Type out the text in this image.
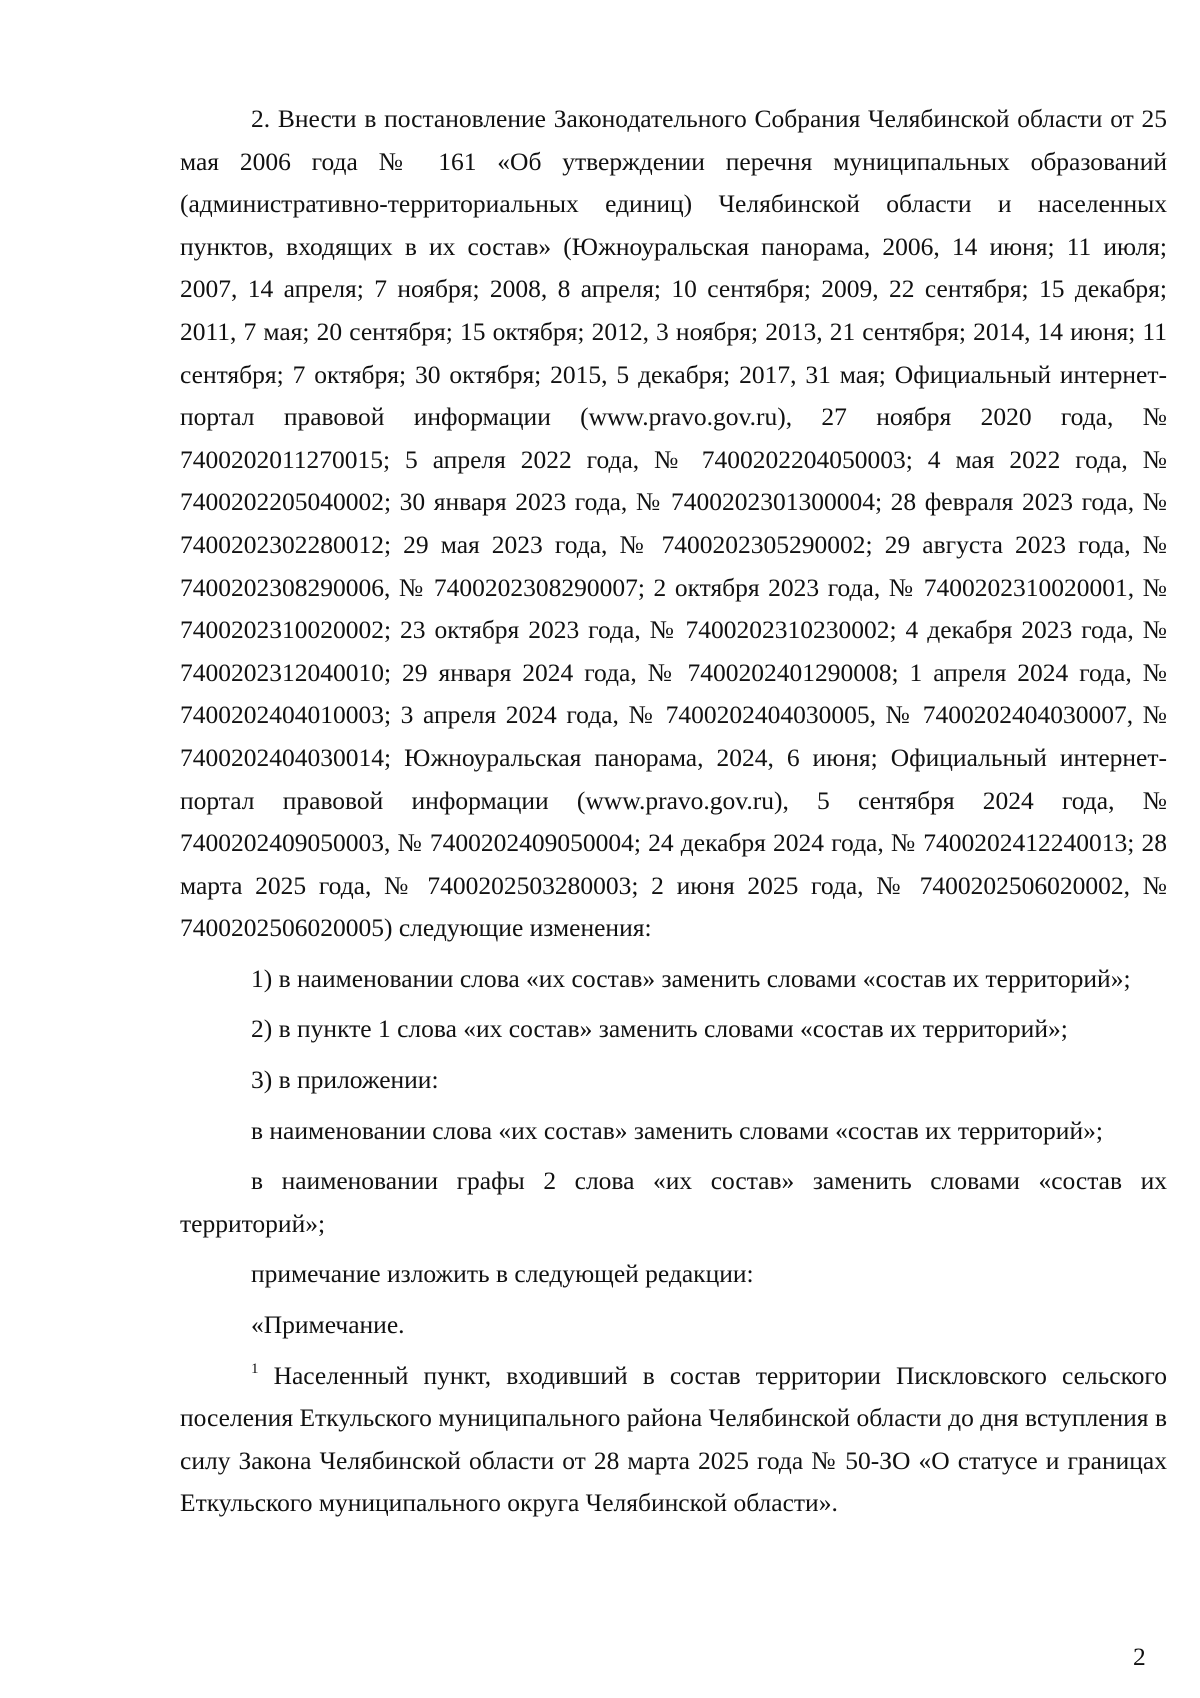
2. Внести в постановление Законодательного Собрания Челябинской области от 25 мая 2006 года № 161 «Об утверждении перечня муниципальных образований (административно-территориальных единиц) Челябинской области и населенных пунктов, входящих в их состав» (Южноуральская панорама, 2006, 14 июня; 11 июля; 2007, 14 апреля; 7 ноября; 2008, 8 апреля; 10 сентября; 2009, 22 сентября; 15 декабря; 2011, 7 мая; 20 сентября; 15 октября; 2012, 3 ноября; 2013, 21 сентября; 2014, 14 июня; 11 сентября; 7 октября; 30 октября; 2015, 5 декабря; 2017, 31 мая; Официальный интернет-портал правовой информации (www.pravo.gov.ru), 27 ноября 2020 года, № 7400202011270015; 5 апреля 2022 года, № 7400202204050003; 4 мая 2022 года, № 7400202205040002; 30 января 2023 года, № 7400202301300004; 28 февраля 2023 года, № 7400202302280012; 29 мая 2023 года, № 7400202305290002; 29 августа 2023 года, № 7400202308290006, № 7400202308290007; 2 октября 2023 года, № 7400202310020001, № 7400202310020002; 23 октября 2023 года, № 7400202310230002; 4 декабря 2023 года, № 7400202312040010; 29 января 2024 года, № 7400202401290008; 1 апреля 2024 года, № 7400202404010003; 3 апреля 2024 года, № 7400202404030005, № 7400202404030007, № 7400202404030014; Южноуральская панорама, 2024, 6 июня; Официальный интернет-портал правовой информации (www.pravo.gov.ru), 5 сентября 2024 года, № 7400202409050003, № 7400202409050004; 24 декабря 2024 года, № 7400202412240013; 28 марта 2025 года, № 7400202503280003; 2 июня 2025 года, № 7400202506020002, № 7400202506020005) следующие изменения:

1) в наименовании слова «их состав» заменить словами «состав их территорий»;

2) в пункте 1 слова «их состав» заменить словами «состав их территорий»;

3) в приложении:

в наименовании слова «их состав» заменить словами «состав их территорий»;

в наименовании графы 2 слова «их состав» заменить словами «состав их территорий»;

примечание изложить в следующей редакции:

«Примечание.

$^1$ Населенный пункт, входивший в состав территории Пискловского сельского поселения Еткульского муниципального района Челябинской области до дня вступления в силу Закона Челябинской области от 28 марта 2025 года № 50-ЗО «О статусе и границах Еткульского муниципального округа Челябинской области».

2
